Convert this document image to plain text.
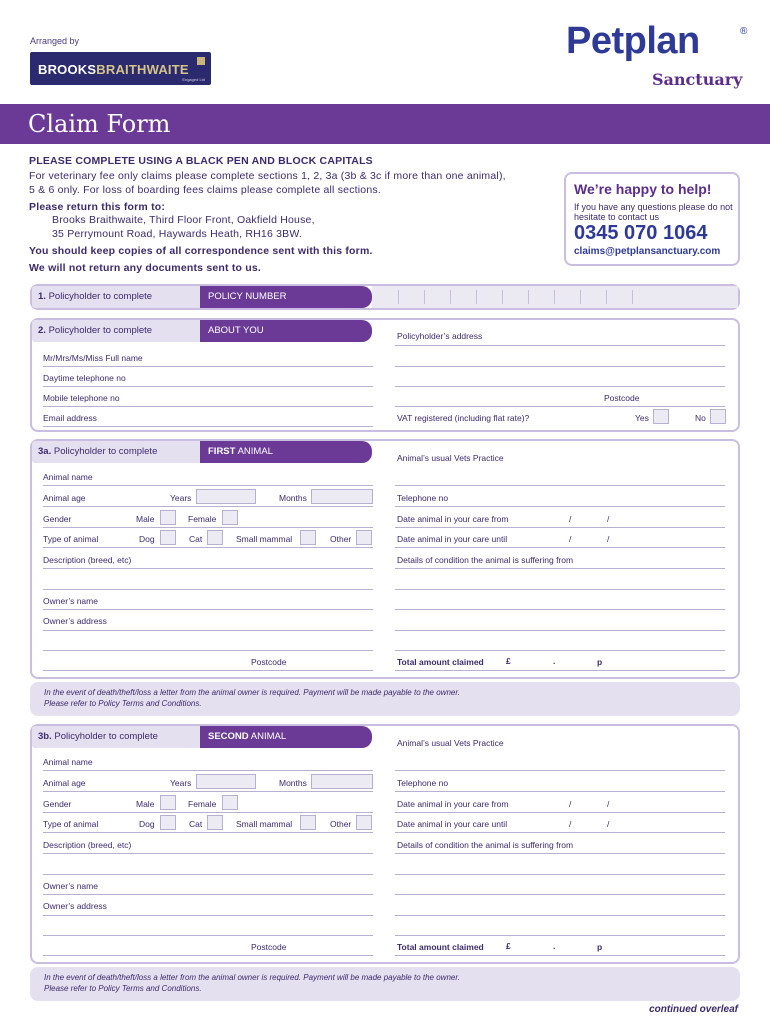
Arranged by
BROOKSBRAITHWAITE
Engaged Ltd
Petplan	®
Sanctuary
Claim Form
PLEASE COMPLETE USING A BLACK PEN AND BLOCK CAPITALS
For veterinary fee only claims please complete sections 1, 2, 3a (3b & 3c if more than one animal),
5 & 6 only. For loss of boarding fees claims please complete all sections.
Please return this form to:
Brooks Braithwaite, Third Floor Front, Oakfield House,
35 Perrymount Road, Haywards Heath, RH16 3BW.
You should keep copies of all correspondence sent with this form.
We will not return any documents sent to us.
We’re happy to help!
If you have any questions please do not hesitate to contact us
0345 070 1064
claims@petplansanctuary.com
1. Policyholder to complete	POLICY NUMBER
2. Policyholder to complete	ABOUT YOU
Mr/Mrs/Ms/Miss Full name
Daytime telephone no
Mobile telephone no
Email address
Policyholder’s address
Postcode
VAT registered (including flat rate)?	Yes	No
3a. Policyholder to complete	FIRST ANIMAL
Animal name
Animal age	Years	Months
Gender	Male	Female
Type of animal	Dog	Cat	Small mammal	Other
Description (breed, etc)
Owner’s name
Owner’s address
Postcode
Animal’s usual Vets Practice
Telephone no
Date animal in your care from	/	/
Date animal in your care until	/	/
Details of condition the animal is suffering from
Total amount claimed	£	.	p
In the event of death/theft/loss a letter from the animal owner is required. Payment will be made payable to the owner.
Please refer to Policy Terms and Conditions.
3b. Policyholder to complete	SECOND ANIMAL
Animal name
Animal age	Years	Months
Gender	Male	Female
Type of animal	Dog	Cat	Small mammal	Other
Description (breed, etc)
Owner’s name
Owner’s address
Postcode
Animal’s usual Vets Practice
Telephone no
Date animal in your care from	/	/
Date animal in your care until	/	/
Details of condition the animal is suffering from
Total amount claimed	£	.	p
In the event of death/theft/loss a letter from the animal owner is required. Payment will be made payable to the owner.
Please refer to Policy Terms and Conditions.
continued overleaf
